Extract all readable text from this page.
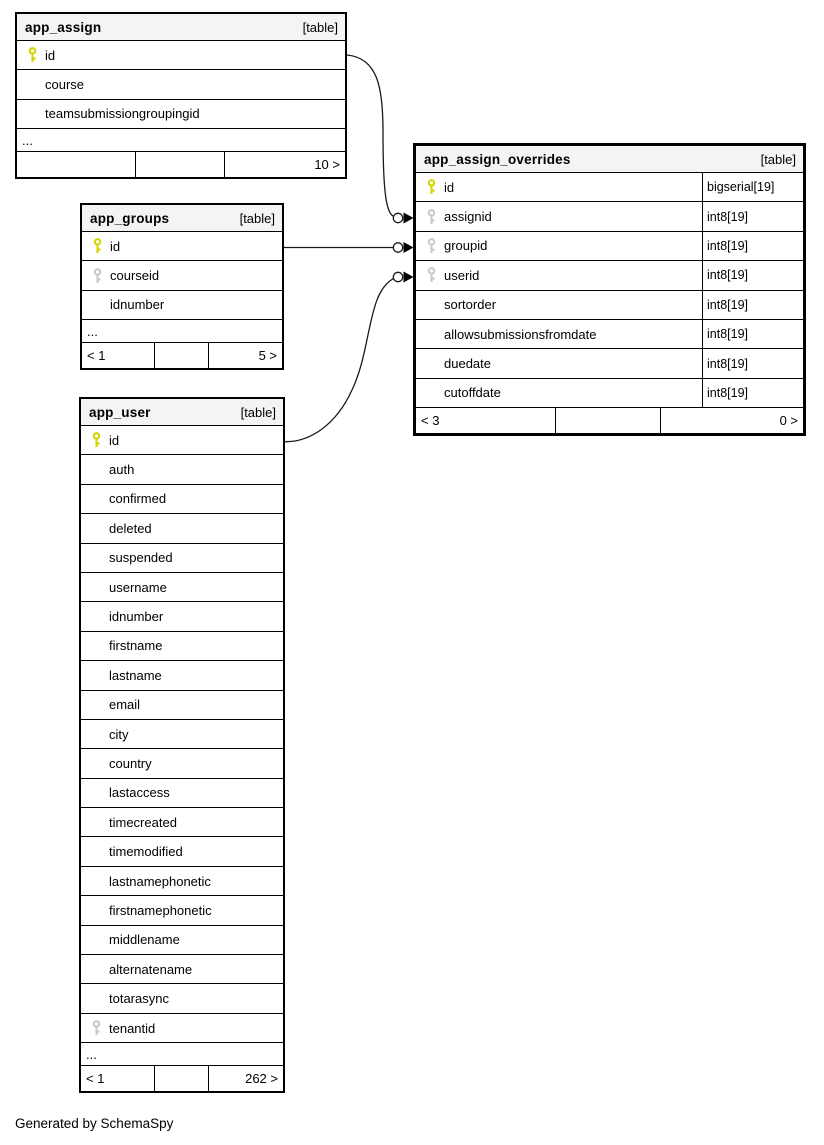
app_assign	[table]
id
course
teamsubmissiongroupingid
...
10 >
app_groups	[table]
id
courseid
idnumber
...
< 1	5 >
app_assign_overrides	[table]
id	bigserial[19]
assignid	int8[19]
groupid	int8[19]
userid	int8[19]
sortorder	int8[19]
allowsubmissionsfromdate	int8[19]
duedate	int8[19]
cutoffdate	int8[19]
< 3	0 >
app_user	[table]
id
auth
confirmed
deleted
suspended
username
idnumber
firstname
lastname
email
city
country
lastaccess
timecreated
timemodified
lastnamephonetic
firstnamephonetic
middlename
alternatename
totarasync
tenantid
...
< 1	262 >
Generated by SchemaSpy
